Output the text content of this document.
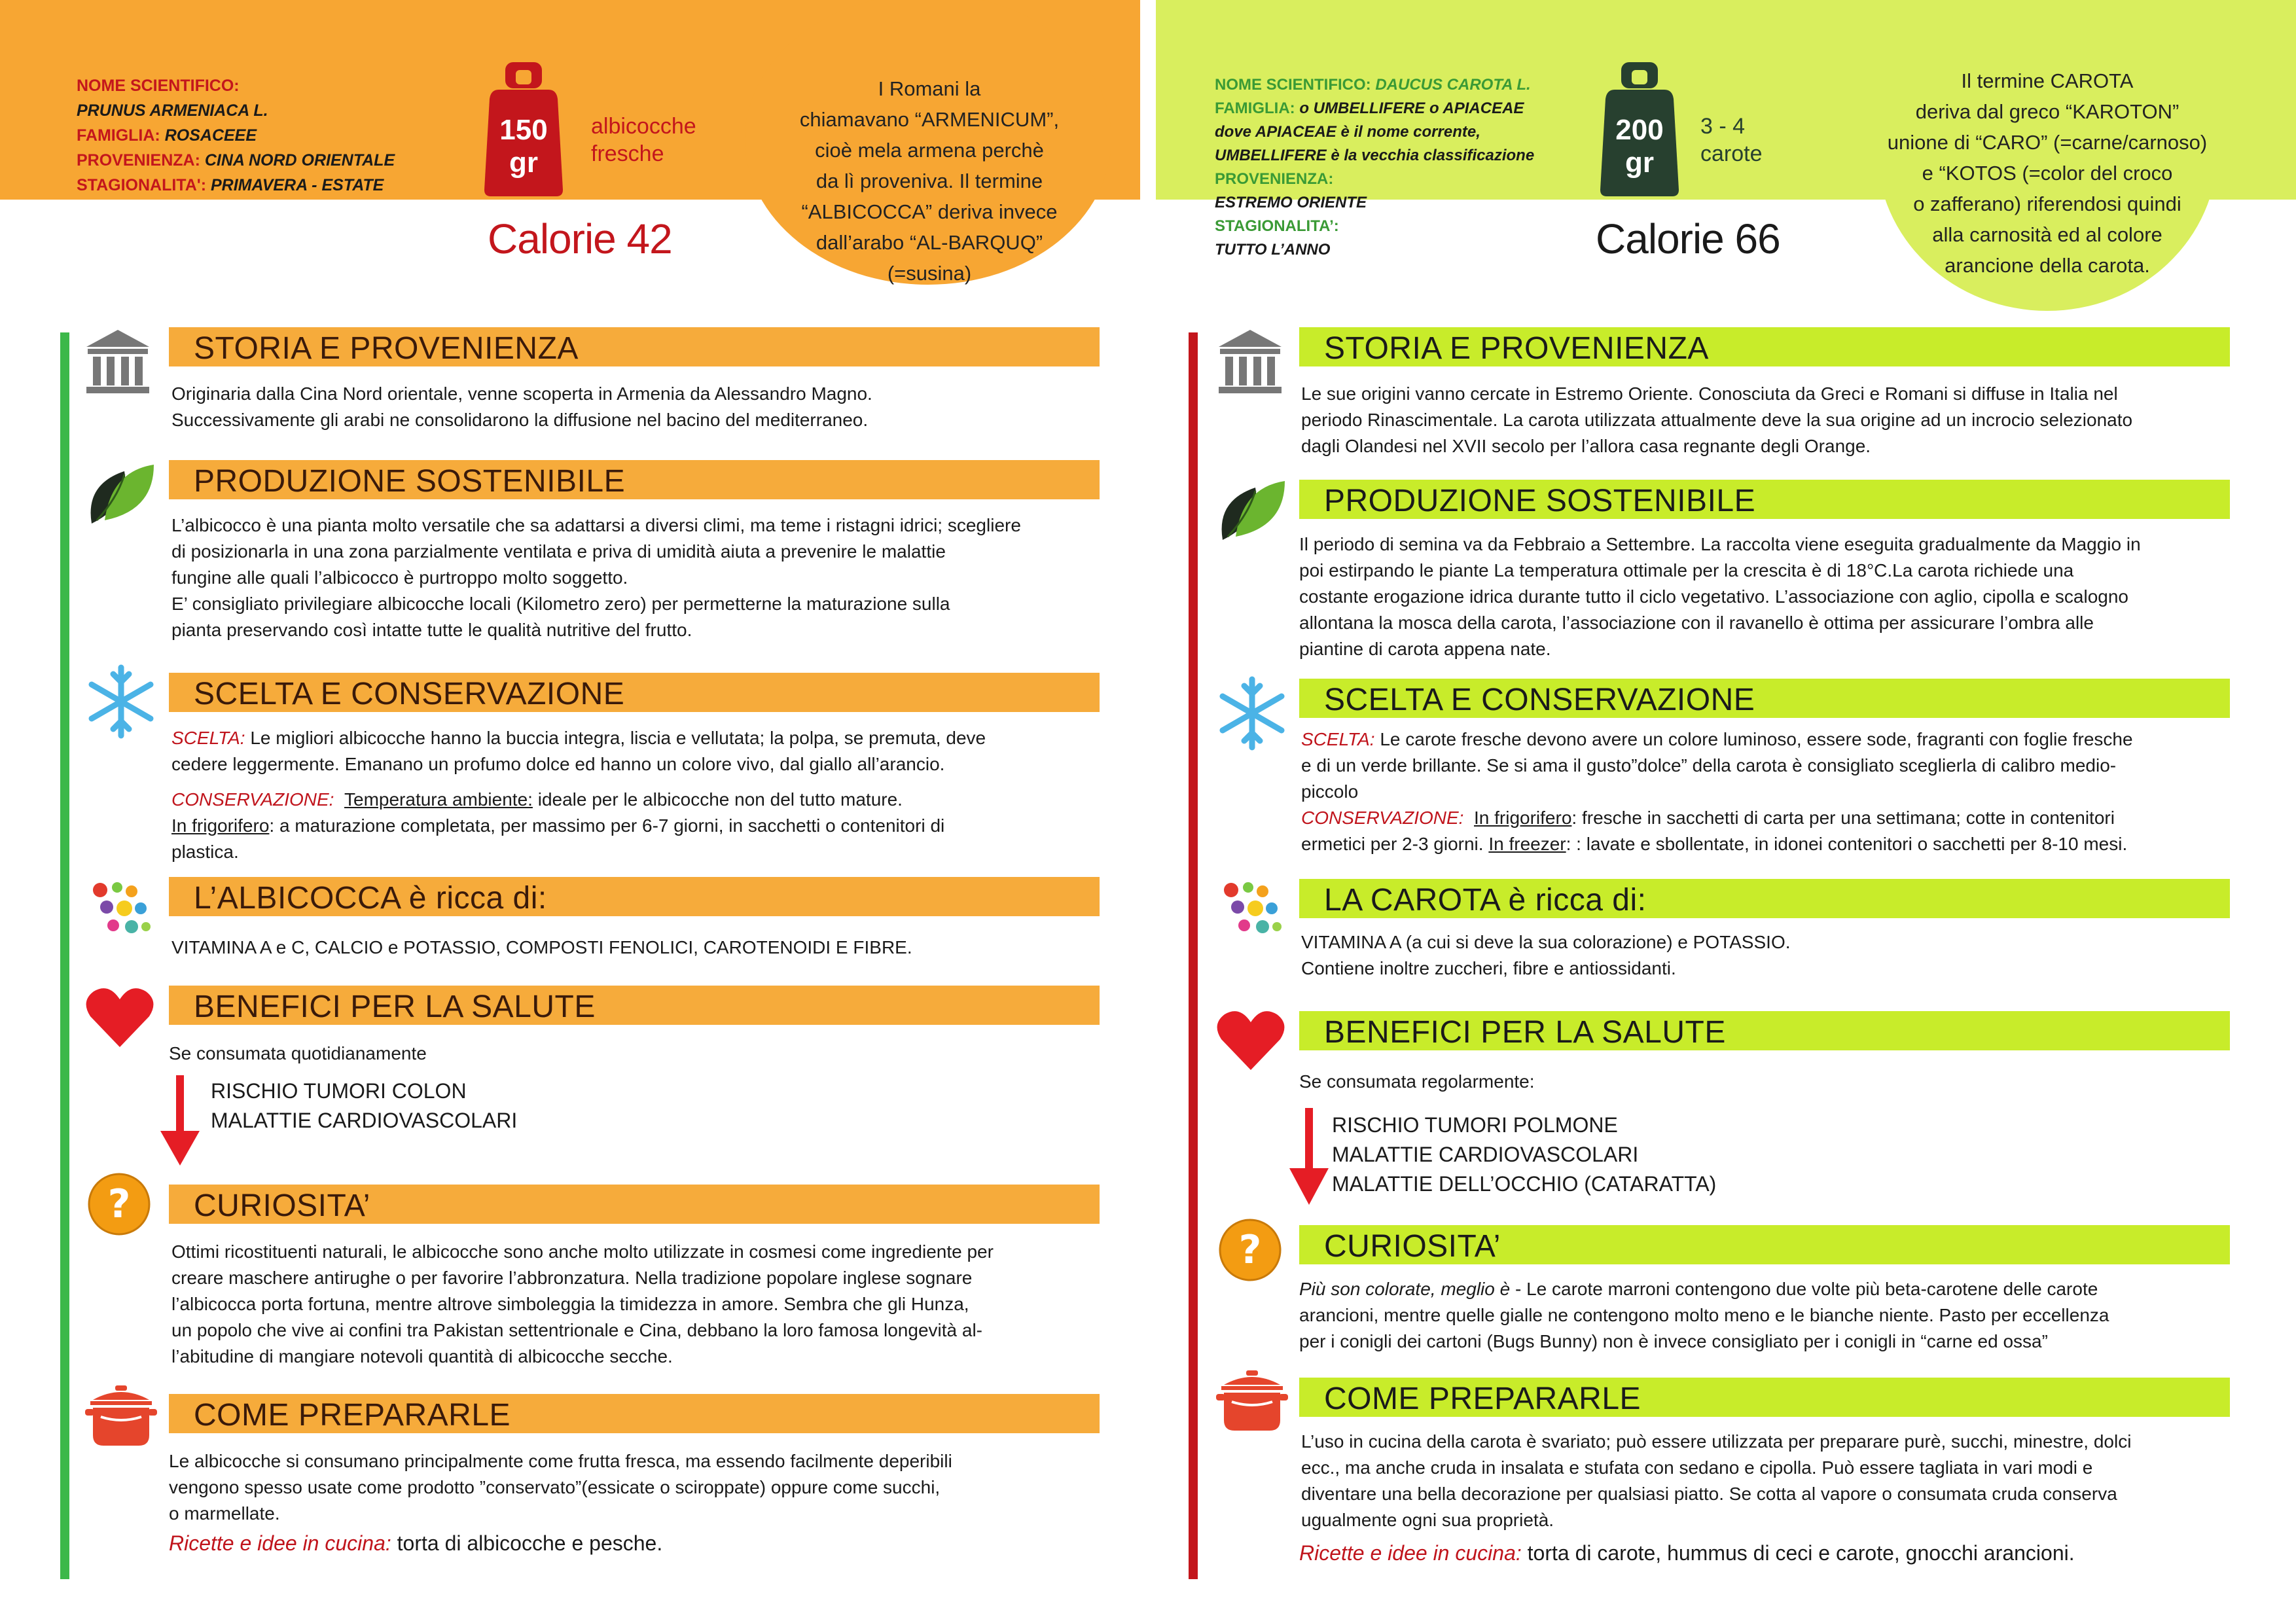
NOME SCIENTIFICO:
PRUNUS ARMENIACA L.
FAMIGLIA: ROSACEEE
PROVENIENZA: CINA NORD ORIENTALE
STAGIONALITA': PRIMAVERA - ESTATE
150
gr
albicocche
fresche
Calorie 42
I Romani la
chiamavano “ARMENICUM”,
cioè mela armena perchè
da lì proveniva. Il termine
“ALBICOCCA” deriva invece
dall’arabo “AL-BARQUQ”
(=susina)
STORIA E PROVENIENZA
Originaria dalla Cina Nord orientale, venne scoperta in Armenia da Alessandro Magno.
Successivamente gli arabi ne consolidarono la diffusione nel bacino del mediterraneo.
PRODUZIONE SOSTENIBILE
L’albicocco è una pianta molto versatile che sa adattarsi a diversi climi, ma teme i ristagni idrici; scegliere
di posizionarla in una zona parzialmente ventilata e priva di umidità aiuta a prevenire le malattie
fungine alle quali l’albicocco è purtroppo molto soggetto.
E’ consigliato privilegiare albicocche locali (Kilometro zero) per permetterne la maturazione sulla
pianta preservando così intatte tutte le qualità nutritive del frutto.
SCELTA E CONSERVAZIONE
SCELTA: Le migliori albicocche hanno la buccia integra, liscia e vellutata; la polpa, se premuta, deve
cedere leggermente. Emanano un profumo dolce ed hanno un colore vivo, dal giallo all’arancio.
CONSERVAZIONE: Temperatura ambiente: ideale per le albicocche non del tutto mature.
In frigorifero: a maturazione completata, per massimo per 6-7 giorni, in sacchetti o contenitori di
plastica.
L’ALBICOCCA è ricca di:
VITAMINA A e C, CALCIO e POTASSIO, COMPOSTI FENOLICI, CAROTENOIDI E FIBRE.
BENEFICI PER LA SALUTE
Se consumata quotidianamente
RISCHIO TUMORI COLON
MALATTIE CARDIOVASCOLARI
? CURIOSITA’
Ottimi ricostituenti naturali, le albicocche sono anche molto utilizzate in cosmesi come ingrediente per
creare maschere antirughe o per favorire l’abbronzatura. Nella tradizione popolare inglese sognare
l’albicocca porta fortuna, mentre altrove simboleggia la timidezza in amore. Sembra che gli Hunza,
un popolo che vive ai confini tra Pakistan settentrionale e Cina, debbano la loro famosa longevità al-
l’abitudine di mangiare notevoli quantità di albicocche secche.
COME PREPARARLE
Le albicocche si consumano principalmente come frutta fresca, ma essendo facilmente deperibili
vengono spesso usate come prodotto ”conservato”(essicate o sciroppate) oppure come succhi,
o marmellate.
Ricette e idee in cucina: torta di albicocche e pesche.
NOME SCIENTIFICO: DAUCUS CAROTA L.
FAMIGLIA: o UMBELLIFERE o APIACEAE
dove APIACEAE è il nome corrente,
UMBELLIFERE è la vecchia classificazione
PROVENIENZA:
ESTREMO ORIENTE
STAGIONALITA’:
TUTTO L’ANNO
200
gr
3 - 4
carote
Calorie 66
Il termine CAROTA
deriva dal greco “KAROTON”
unione di “CARO” (=carne/carnoso)
e “KOTOS (=color del croco
o zafferano) riferendosi quindi
alla carnosità ed al colore
arancione della carota.
STORIA E PROVENIENZA
Le sue origini vanno cercate in Estremo Oriente. Conosciuta da Greci e Romani si diffuse in Italia nel
periodo Rinascimentale. La carota utilizzata attualmente deve la sua origine ad un incrocio selezionato
dagli Olandesi nel XVII secolo per l’allora casa regnante degli Orange.
PRODUZIONE SOSTENIBILE
Il periodo di semina va da Febbraio a Settembre. La raccolta viene eseguita gradualmente da Maggio in
poi estirpando le piante La temperatura ottimale per la crescita è di 18°C.La carota richiede una
costante erogazione idrica durante tutto il ciclo vegetativo. L’associazione con aglio, cipolla e scalogno
allontana la mosca della carota, l’associazione con il ravanello è ottima per assicurare l’ombra alle
piantine di carota appena nate.
SCELTA E CONSERVAZIONE
SCELTA: Le carote fresche devono avere un colore luminoso, essere sode, fragranti con foglie fresche
e di un verde brillante. Se si ama il gusto”dolce” della carota è consigliato sceglierla di calibro medio-
piccolo
CONSERVAZIONE: In frigorifero: fresche in sacchetti di carta per una settimana; cotte in contenitori
ermetici per 2-3 giorni. In freezer: : lavate e sbollentate, in idonei contenitori o sacchetti per 8-10 mesi.
LA CAROTA è ricca di:
VITAMINA A (a cui si deve la sua colorazione) e POTASSIO.
Contiene inoltre zuccheri, fibre e antiossidanti.
BENEFICI PER LA SALUTE
Se consumata regolarmente:
RISCHIO TUMORI POLMONE
MALATTIE CARDIOVASCOLARI
MALATTIE DELL’OCCHIO (CATARATTA)
? CURIOSITA’
Più son colorate, meglio è - Le carote marroni contengono due volte più beta-carotene delle carote
arancioni, mentre quelle gialle ne contengono molto meno e le bianche niente. Pasto per eccellenza
per i conigli dei cartoni (Bugs Bunny) non è invece consigliato per i conigli in “carne ed ossa”
COME PREPARARLE
L’uso in cucina della carota è svariato; può essere utilizzata per preparare purè, succhi, minestre, dolci
ecc., ma anche cruda in insalata e stufata con sedano e cipolla. Può essere tagliata in vari modi e
diventare una bella decorazione per qualsiasi piatto. Se cotta al vapore o consumata cruda conserva
ugualmente ogni sua proprietà.
Ricette e idee in cucina: torta di carote, hummus di ceci e carote, gnocchi arancioni.
